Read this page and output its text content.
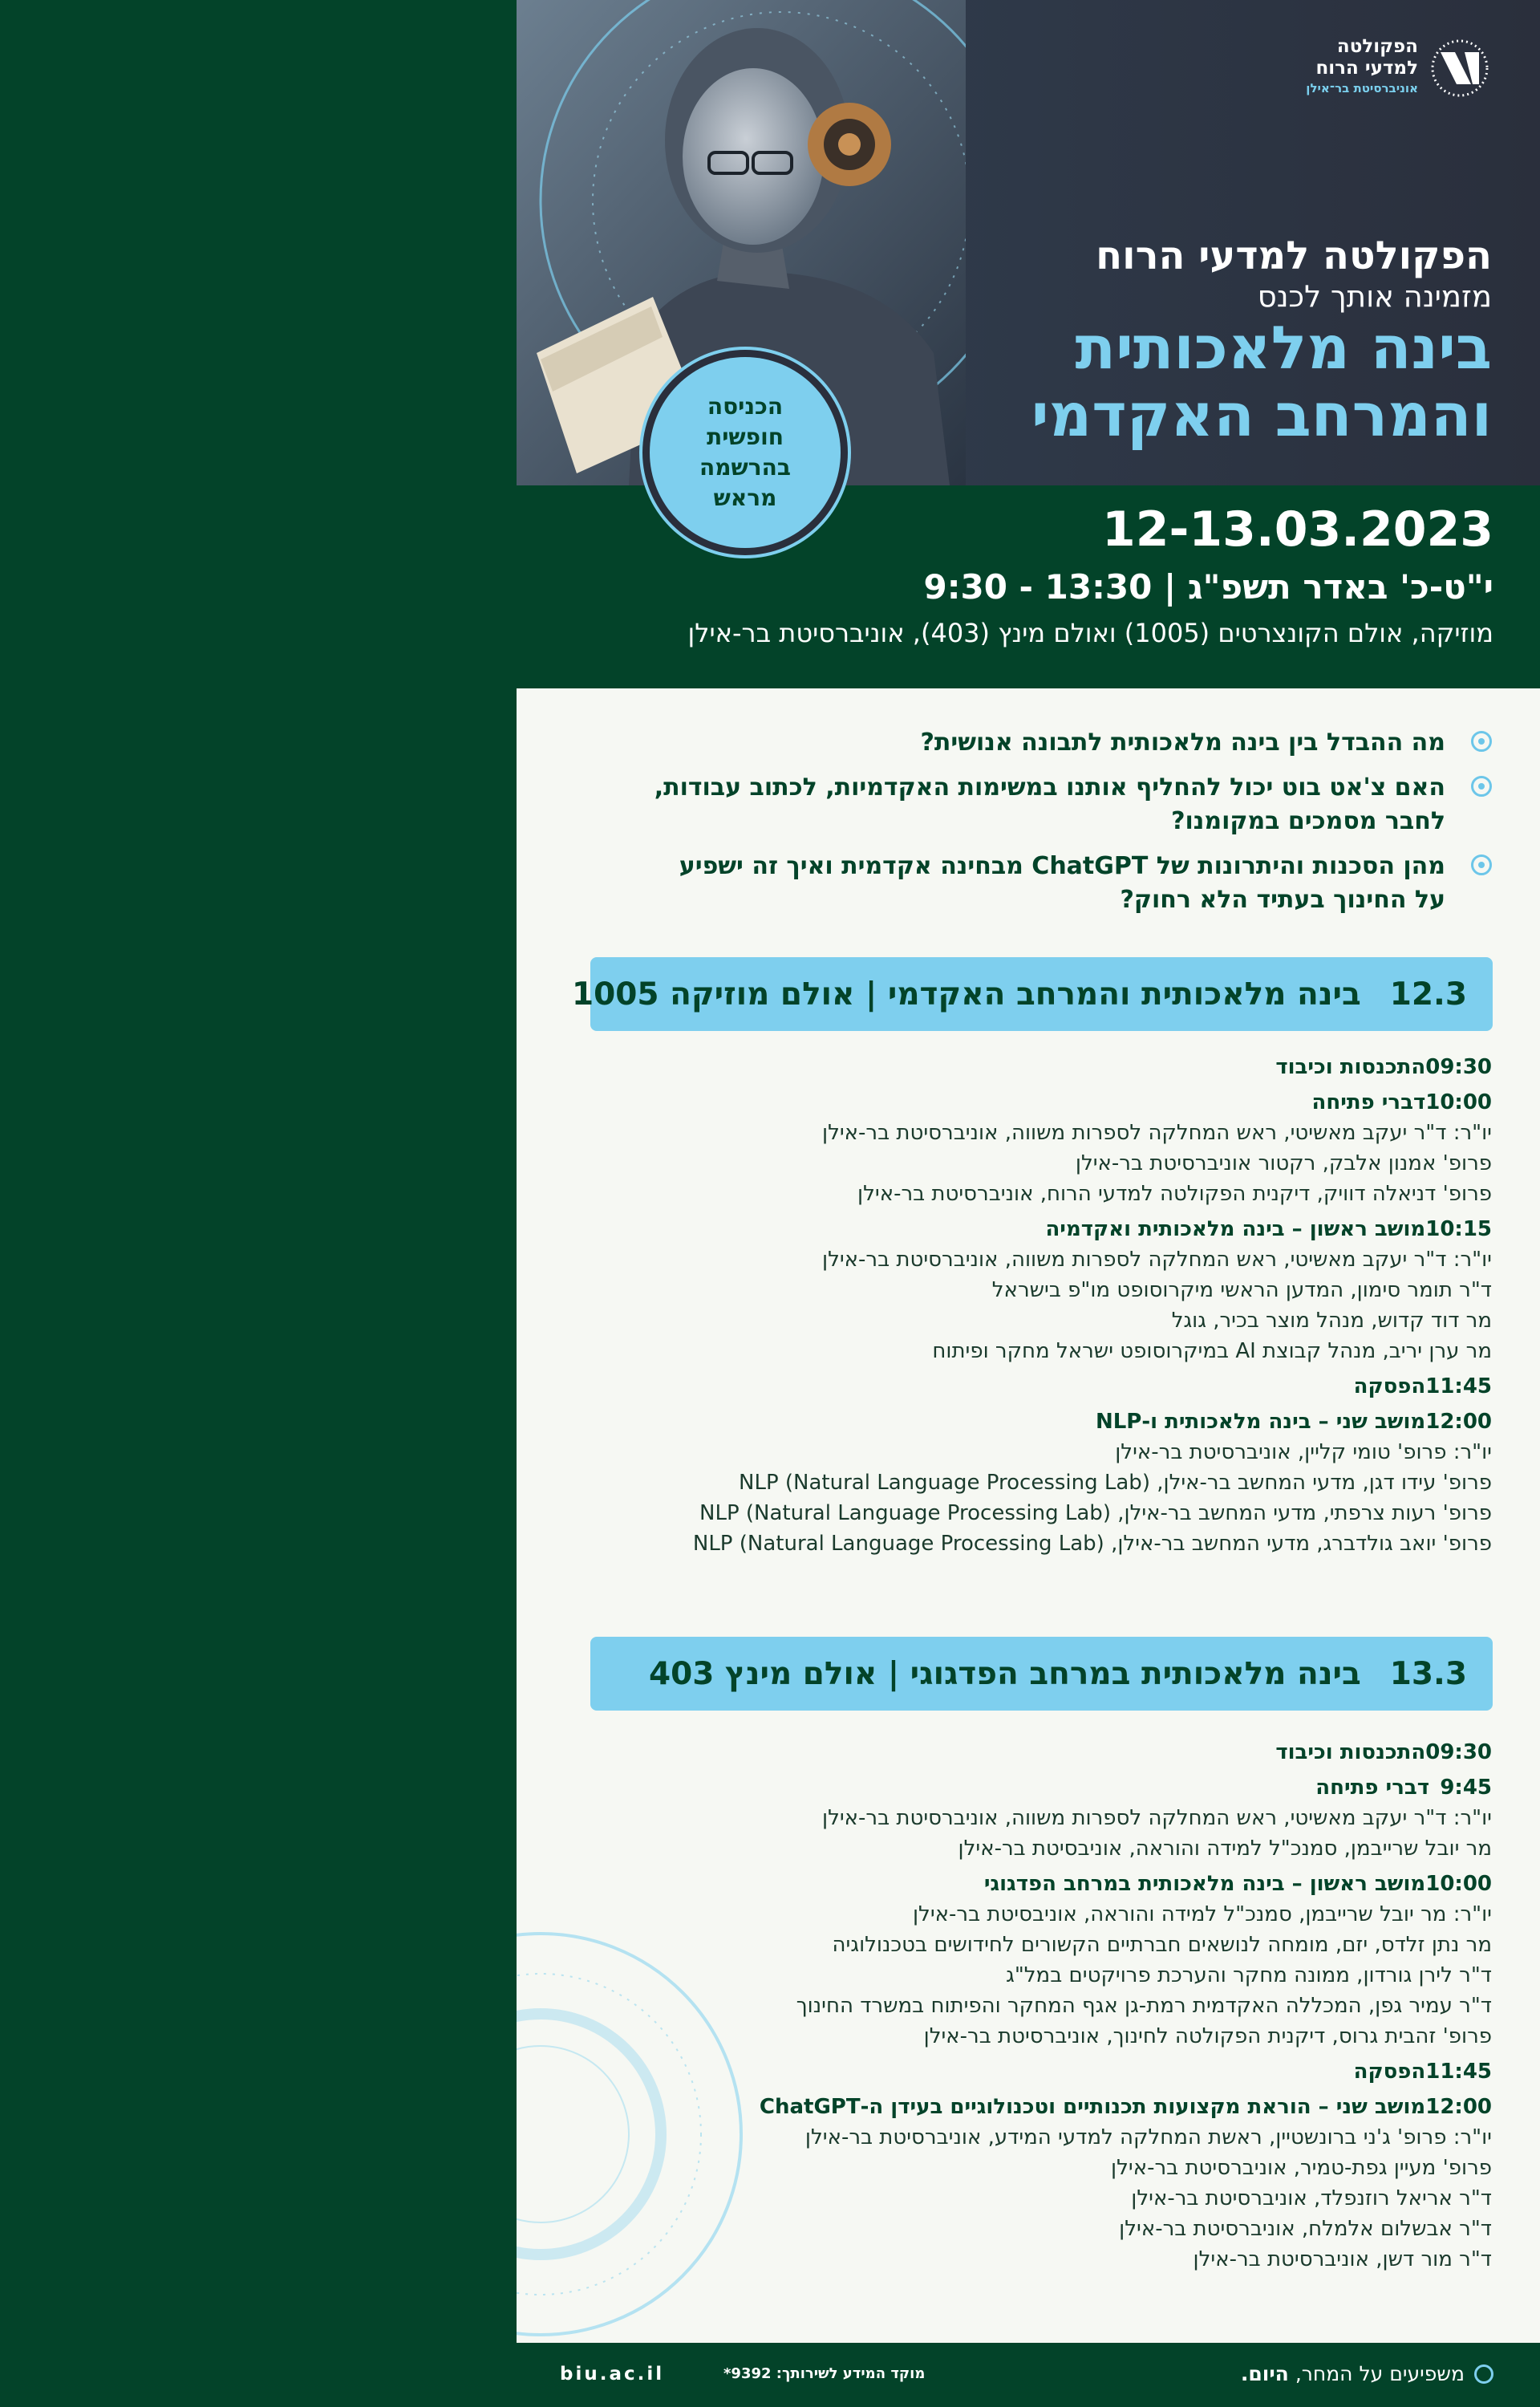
הפקולטה
למדעי הרוח
אוניברסיטת בר־אילן
הפקולטה למדעי הרוח
מזמינה אותך לכנס
בינה מלאכותית
והמרחב האקדמי
12-13.03.2023
י"ט-כ' באדר תשפ"ג | 13:30 - 9:30
מוזיקה, אולם הקונצרטים (1005) ואולם מינץ (403), אוניברסיטת בר-אילן
הכניסה חופשית בהרשמה מראש
מה ההבדל בין בינה מלאכותית לתבונה אנושית?
האם צ'אט בוט יכול להחליף אותנו במשימות האקדמיות, לכתוב עבודות, לחבר מסמכים במקומנו?
מהן הסכנות והיתרונות של ChatGPT מבחינה אקדמית ואיך זה ישפיע על החינוך בעתיד הלא רחוק?
12.3
בינה מלאכותית והמרחב האקדמי | אולם מוזיקה 1005
09:30התכנסות וכיבוד
10:00דברי פתיחה
יו"ר: ד"ר יעקב מאשיטי, ראש המחלקה לספרות משווה, אוניברסיטת בר-אילן
פרופ' אמנון אלבק, רקטור אוניברסיטת בר-אילן
פרופ' דניאלה דוויק, דיקנית הפקולטה למדעי הרוח, אוניברסיטת בר-אילן
10:15מושב ראשון – בינה מלאכותית ואקדמיה
יו"ר: ד"ר יעקב מאשיטי, ראש המחלקה לספרות משווה, אוניברסיטת בר-אילן
ד"ר תומר סימון, המדען הראשי מיקרוסופט מו"פ בישראל
מר דוד קדוש, מנהל מוצר בכיר, גוגל
מר ערן יריב, מנהל קבוצת AI במיקרוסופט ישראל מחקר ופיתוח
11:45הפסקה
12:00מושב שני – בינה מלאכותית ו-NLP
יו"ר: פרופ' טומי קליין, אוניברסיטת בר-אילן
פרופ' עידו דגן, מדעי המחשב בר-אילן, (NLP (Natural Language Processing Lab
פרופ' רעות צרפתי, מדעי המחשב בר-אילן, (NLP (Natural Language Processing Lab
פרופ' יואב גולדברג, מדעי המחשב בר-אילן, (NLP (Natural Language Processing Lab
13.3
בינה מלאכותית במרחב הפדגוגי | אולם מינץ 403
09:30התכנסות וכיבוד
9:45דברי פתיחה
יו"ר: ד"ר יעקב מאשיטי, ראש המחלקה לספרות משווה, אוניברסיטת בר-אילן
מר יובל שרייבמן, סמנכ"ל למידה והוראה, אוניבסיטת בר-אילן
10:00מושב ראשון – בינה מלאכותית במרחב הפדגוגי
יו"ר: מר יובל שרייבמן, סמנכ"ל למידה והוראה, אוניבסיטת בר-אילן
מר נתן זלדס, יזם, מומחה לנושאים חברתיים הקשורים לחידושים בטכנולוגיה
ד"ר לירן גורדון, ממונה מחקר והערכת פרויקטים במל"ג
ד"ר עמיר גפן, המכללה האקדמית רמת-גן אגף המחקר והפיתוח במשרד החינוך
פרופ' זהבית גרוס, דיקנית הפקולטה לחינוך, אוניברסיטת בר-אילן
11:45הפסקה
12:00מושב שני – הוראת מקצועות תכנותיים וטכנולוגיים בעידן ה-ChatGPT
יו"ר: פרופ' ג'ני ברונשטיין, ראשת המחלקה למדעי המידע, אוניברסיטת בר-אילן
פרופ' מעיין גפת-טמיר, אוניברסיטת בר-אילן
ד"ר אריאל רוזנפלד, אוניברסיטת בר-אילן
ד"ר אבשלום אלמלח, אוניברסיטת בר-אילן
ד"ר מור דשן, אוניברסיטת בר-אילן
משפיעים על המחר,

היום.
מוקד המידע לשירותך: 9392*
biu.ac.il
